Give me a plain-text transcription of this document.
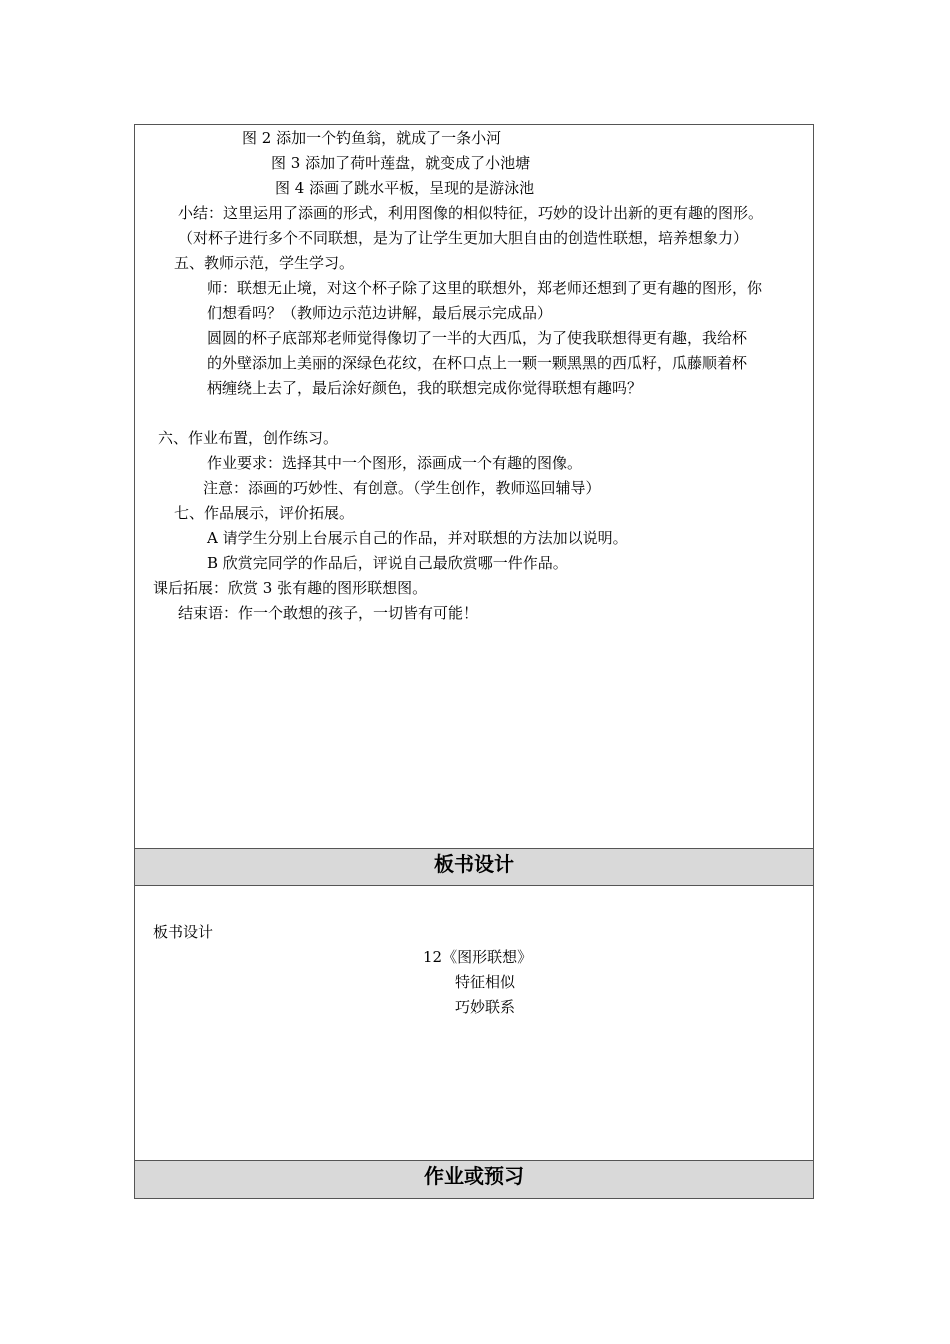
图 2 添加一个钓鱼翁，就成了一条小河
图 3 添加了荷叶莲盘，就变成了小池塘
图 4 添画了跳水平板，呈现的是游泳池
小结：这里运用了添画的形式，利用图像的相似特征，巧妙的设计出新的更有趣的图形。
（对杯子进行多个不同联想，是为了让学生更加大胆自由的创造性联想，培养想象力）
五、教师示范，学生学习。
师：联想无止境，对这个杯子除了这里的联想外，郑老师还想到了更有趣的图形，你
们想看吗？（教师边示范边讲解，最后展示完成品）
圆圆的杯子底部郑老师觉得像切了一半的大西瓜，为了使我联想得更有趣，我给杯
的外壁添加上美丽的深绿色花纹，在杯口点上一颗一颗黑黑的西瓜籽，瓜藤顺着杯
柄缠绕上去了，最后涂好颜色，我的联想完成你觉得联想有趣吗？
六、作业布置，创作练习。
作业要求：选择其中一个图形，添画成一个有趣的图像。
注意：添画的巧妙性、有创意。（学生创作，教师巡回辅导）
七、作品展示，评价拓展。
A 请学生分别上台展示自己的作品，并对联想的方法加以说明。
B 欣赏完同学的作品后，评说自己最欣赏哪一件作品。
课后拓展：欣赏 3 张有趣的图形联想图。
结束语：作一个敢想的孩子，一切皆有可能！
板书设计
板书设计
12《图形联想》
特征相似
巧妙联系
作业或预习
